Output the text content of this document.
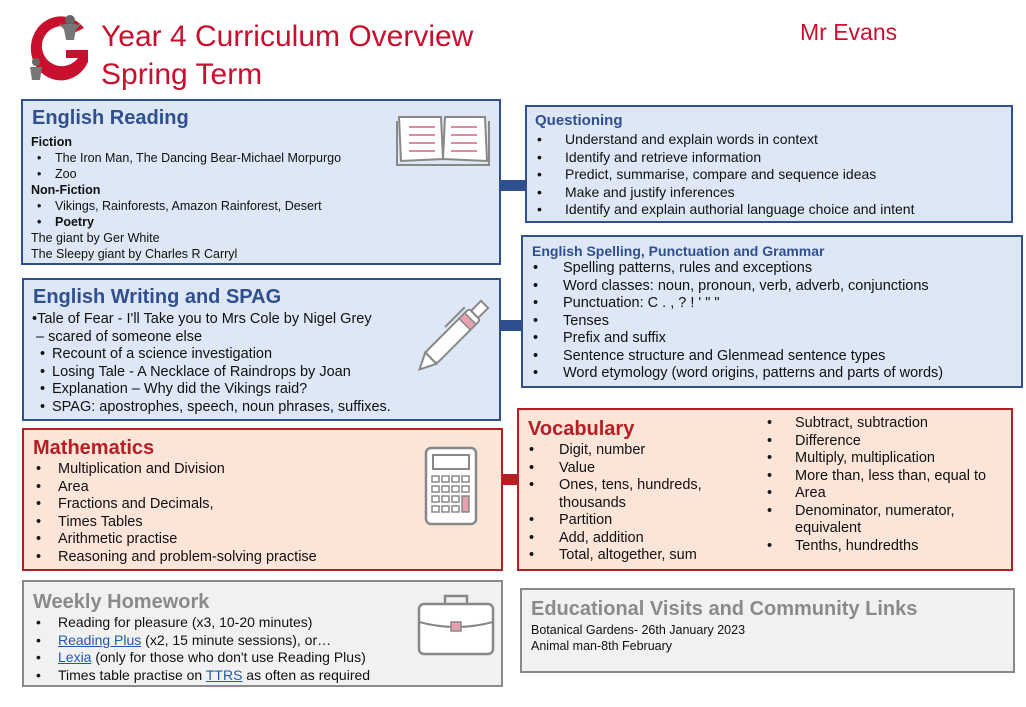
Year 4 Curriculum Overview
Spring Term
Mr Evans
English Reading
Fiction
• The Iron Man, The Dancing Bear-Michael Morpurgo
• Zoo
Non-Fiction
• Vikings, Rainforests, Amazon Rainforest, Desert
• Poetry
The giant by Ger White
The Sleepy giant by Charles R Carryl
English Writing and SPAG
•Tale of Fear - I'll Take you to Mrs Cole by Nigel Grey
– scared of someone else
• Recount of a science investigation
• Losing Tale - A Necklace of Raindrops by Joan
• Explanation – Why did the Vikings raid?
• SPAG: apostrophes, speech, noun phrases, suffixes.
Mathematics
• Multiplication and Division
• Area
• Fractions and Decimals,
• Times Tables
• Arithmetic practise
• Reasoning and problem-solving practise
Weekly Homework
• Reading for pleasure (x3, 10-20 minutes)
• Reading Plus (x2, 15 minute sessions), or…
• Lexia (only for those who don't use Reading Plus)
• Times table practise on TTRS as often as required
Questioning
• Understand and explain words in context
• Identify and retrieve information
• Predict, summarise, compare and sequence ideas
• Make and justify inferences
• Identify and explain authorial language choice and intent
English Spelling, Punctuation and Grammar
• Spelling patterns, rules and exceptions
• Word classes: noun, pronoun, verb, adverb, conjunctions
• Punctuation: C . , ? ! ' " "
• Tenses
• Prefix and suffix
• Sentence structure and Glenmead sentence types
• Word etymology (word origins, patterns and parts of words)
Vocabulary
• Digit, number
• Value
• Ones, tens, hundreds, thousands
• Partition
• Add, addition
• Total, altogether, sum
• Subtract, subtraction
• Difference
• Multiply, multiplication
• More than, less than, equal to
• Area
• Denominator, numerator, equivalent
• Tenths, hundredths
Educational Visits and Community Links
Botanical Gardens- 26th January 2023
Animal man-8th February
